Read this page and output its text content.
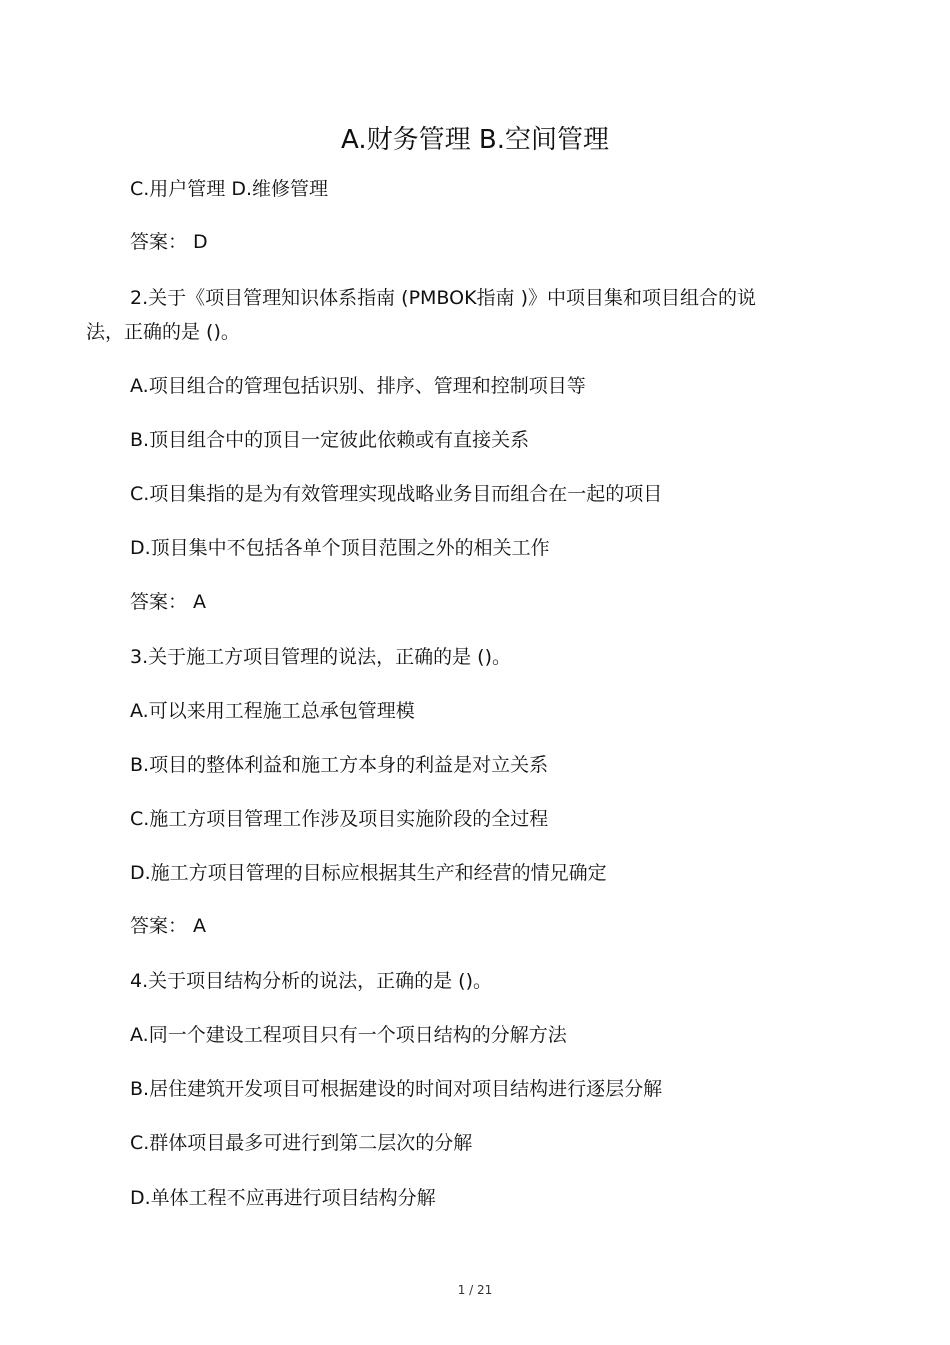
A.财务管理 B.空间管理
C.用户管理 D.维修管理
答案： D
2.关于《项目管理知识体系指南 (PMBOK指南 )》中项目集和项目组合的说
法，正确的是 ()。
A.项目组合的管理包括识别、排序、管理和控制项目等
B.顶目组合中的顶目一定彼此依赖或有直接关系
C.项目集指的是为有效管理实现战略业务目而组合在一起的项目
D.顶目集中不包括各单个顶目范围之外的相关工作
答案： A
3.关于施工方项目管理的说法，正确的是 ()。
A.可以来用工程施工总承包管理模
B.项目的整体利益和施工方本身的利益是对立关系
C.施工方项目管理工作涉及项目实施阶段的全过程
D.施工方项目管理的目标应根据其生产和经营的情兄确定
答案： A
4.关于项目结构分析的说法，正确的是 ()。
A.同一个建设工程项目只有一个项日结构的分解方法
B.居住建筑开发项目可根据建设的时间对项目结构进行逐层分解
C.群体项目最多可进行到第二层次的分解
D.单体工程不应再进行项目结构分解
1 / 21
